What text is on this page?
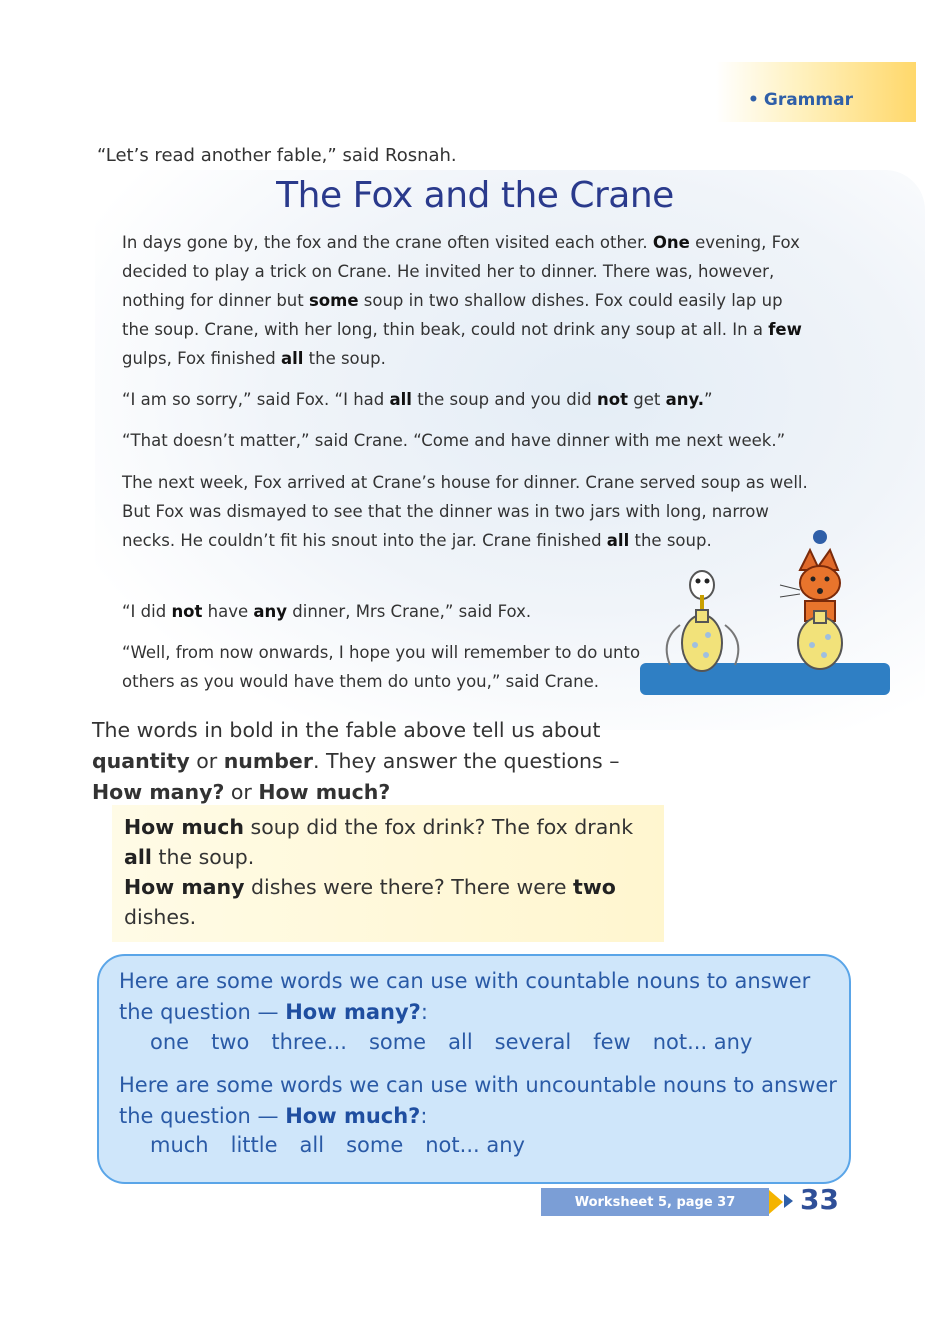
• Grammar
“Let’s read another fable,” said Rosnah.
The Fox and the Crane
In days gone by, the fox and the crane often visited each other. One evening, Fox decided to play a trick on Crane. He invited her to dinner. There was, however, nothing for dinner but some soup in two shallow dishes. Fox could easily lap up the soup. Crane, with her long, thin beak, could not drink any soup at all. In a few gulps, Fox finished all the soup.
“I am so sorry,” said Fox. “I had all the soup and you did not get any.”
“That doesn’t matter,” said Crane. “Come and have dinner with me next week.”
The next week, Fox arrived at Crane’s house for dinner. Crane served soup as well. But Fox was dismayed to see that the dinner was in two jars with long, narrow necks. He couldn’t fit his snout into the jar. Crane finished all the soup.
“I did not have any dinner, Mrs Crane,” said Fox.
“Well, from now onwards, I hope you will remember to do unto others as you would have them do unto you,” said Crane.
The words in bold in the fable above tell us about quantity or number. They answer the questions – How many? or How much?
How much soup did the fox drink? The fox drank all the soup.
How many dishes were there? There were two dishes.
Here are some words we can use with countable nouns to answer the question — How many?:
one two three... some all several few not... any
Here are some words we can use with uncountable nouns to answer the question — How much?:
much little all some not... any
Worksheet 5, page 37	33
